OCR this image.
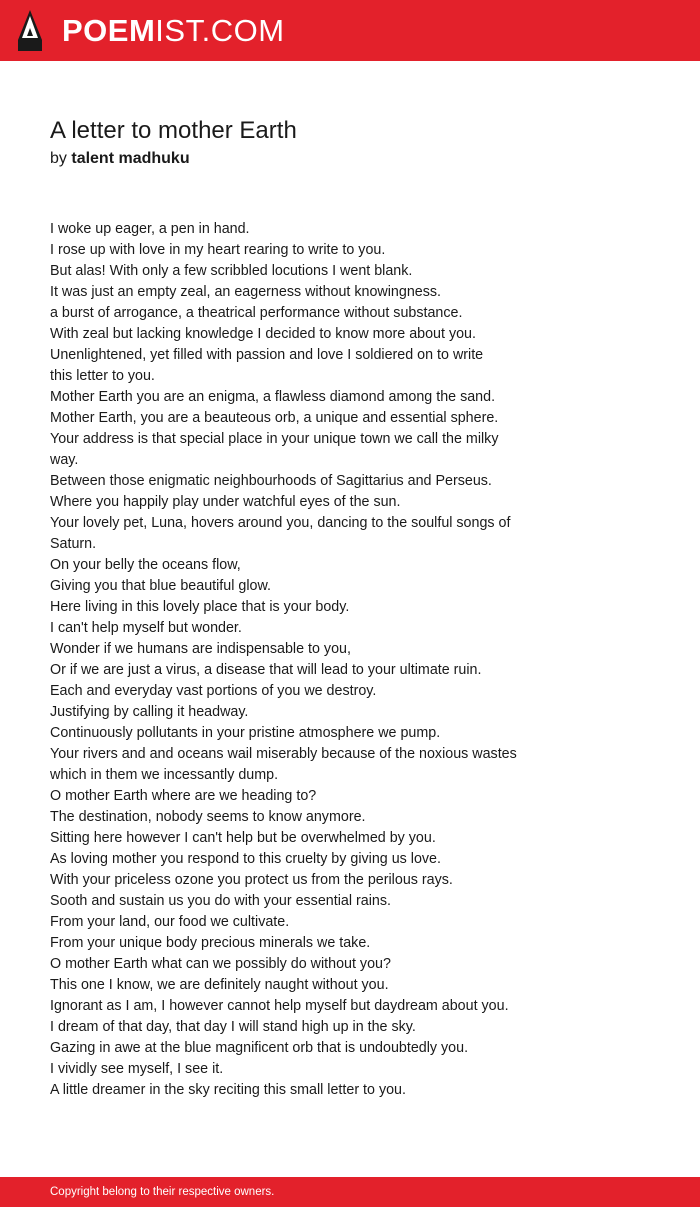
POEMIST.COM
A letter to mother Earth
by talent madhuku
I woke up eager, a pen in hand.
I rose up with love in my heart rearing to write to you.
But alas! With only a few scribbled locutions I went blank.
It was just an empty zeal, an eagerness without knowingness.
a burst of arrogance, a theatrical performance without substance.
With zeal but lacking knowledge I decided to know more about you.
Unenlightened, yet filled with passion and love I soldiered on to write
this letter to you.
Mother Earth you are an enigma, a flawless diamond among the sand.
Mother Earth, you are a beauteous orb, a unique and essential sphere.
Your address is that special place in your unique town we call the milky
way.
Between those enigmatic neighbourhoods of Sagittarius and Perseus.
Where you happily play under watchful eyes of the sun.
Your lovely pet, Luna, hovers around you, dancing to the soulful songs of
Saturn.
On your belly the oceans flow,
Giving you that blue beautiful glow.
Here living in this lovely place that is your body.
I can't help myself but wonder.
Wonder if we humans are indispensable to you,
Or if we are just a virus, a disease that will lead to your ultimate ruin.
Each and everyday vast portions of you we destroy.
Justifying by calling it headway.
Continuously pollutants in your pristine atmosphere we pump.
Your rivers and and oceans wail miserably because of the noxious wastes
which in them we incessantly dump.
O mother Earth where are we heading to?
The destination, nobody seems to know anymore.
Sitting here however I can't help but be overwhelmed by you.
As loving mother you respond to this cruelty by giving us love.
With your priceless ozone you protect us from the perilous rays.
Sooth and sustain us you do with your essential rains.
From your land, our food we cultivate.
From your unique body precious minerals we take.
O mother Earth what can we possibly do without you?
This one I know, we are definitely naught without you.
Ignorant as I am, I however cannot help myself but daydream about you.
I dream of that day, that day I will stand high up in the sky.
Gazing in awe at the blue magnificent orb that is undoubtedly you.
I vividly see myself, I see it.
A little dreamer in the sky reciting this small letter to you.
Copyright belong to their respective owners.
